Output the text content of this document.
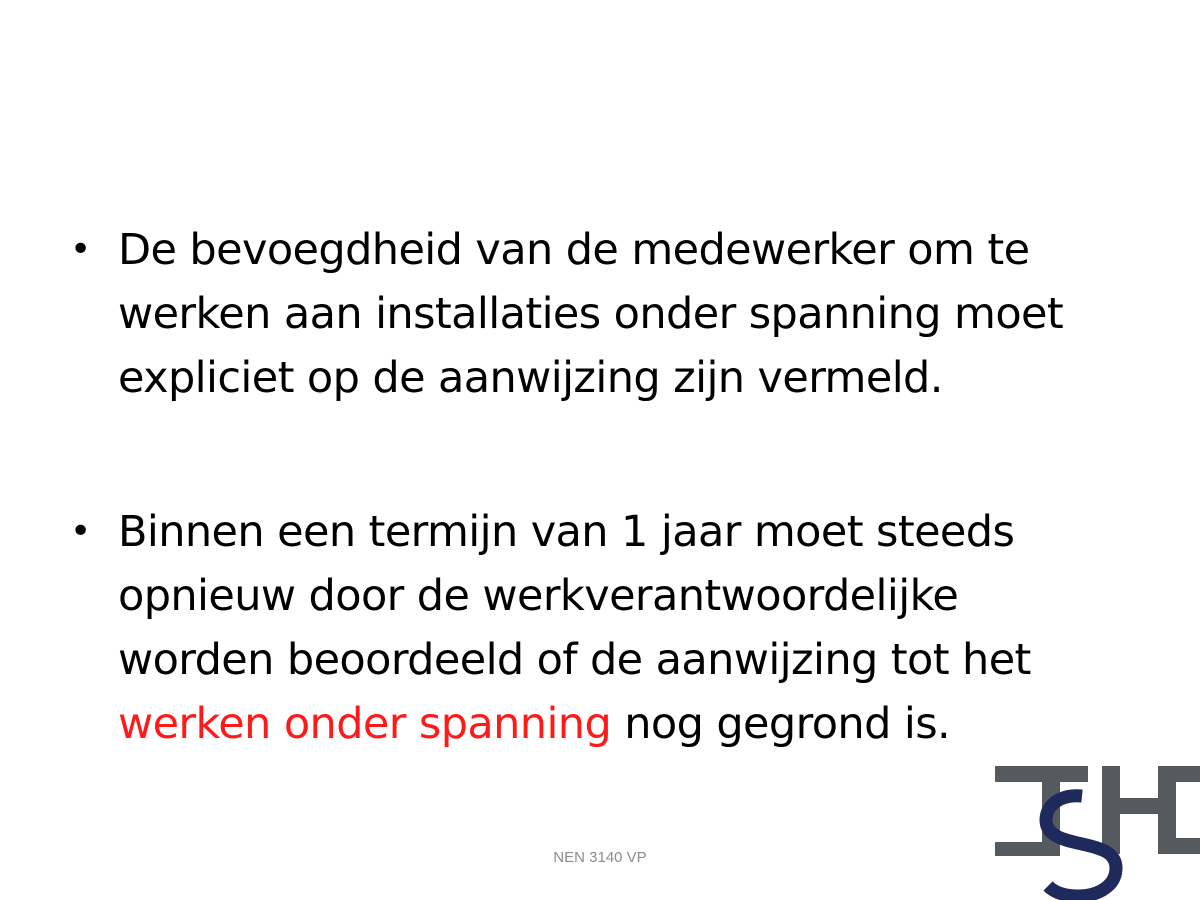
• De bevoegdheid van de medewerker om te werken aan installaties onder spanning moet expliciet op de aanwijzing zijn vermeld.
• Binnen een termijn van 1 jaar moet steeds opnieuw door de werkverantwoordelijke worden beoordeeld of de aanwijzing tot het werken onder spanning nog gegrond is.
NEN 3140 VP
